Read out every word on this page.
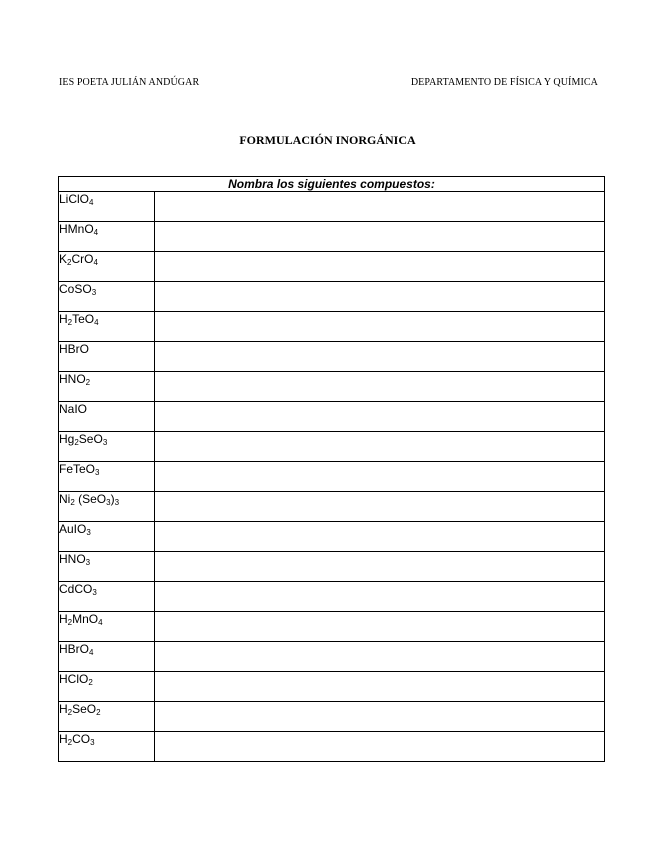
IES POETA JULIÁN ANDÚGAR	DEPARTAMENTO DE FÍSICA Y QUÍMICA
FORMULACIÓN INORGÁNICA
Nombra los siguientes compuestos:	
LiClO$_4$	
HMnO$_4$	
$K_2CrO_4$	
CoSO$_3$	
$H_2TeO_4$	
HBrO	
$HNO_2$	
NaIO	
$Hg_2SeO_3$	
FeTeO$_3$	
$Ni_2$ $(SeO_3)_3$	
AuIO$_3$	
$HNO_3$	
CdCO$_3$	
$H_2MnO_4$	
HBrO$_4$	
HClO$_2$	
$H_2SeO_2$	
$H_2CO_3$	
